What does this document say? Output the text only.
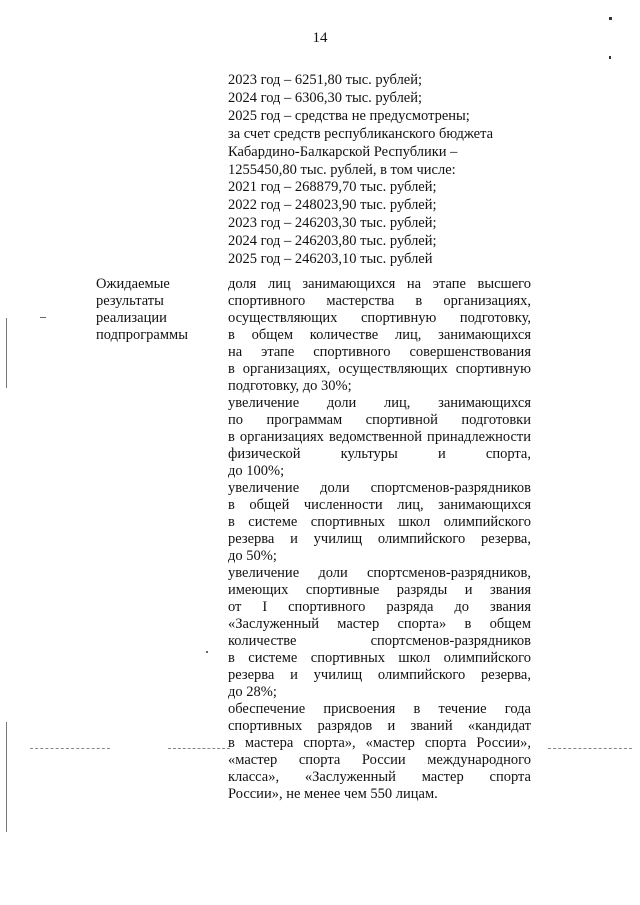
14
2023 год – 6251,80 тыс. рублей;
2024 год – 6306,30 тыс. рублей;
2025 год – средства не предусмотрены;
за счет средств республиканского бюджета
Кабардино-Балкарской Республики –
1255450,80 тыс. рублей, в том числе:
2021 год – 268879,70 тыс. рублей;
2022 год – 248023,90 тыс. рублей;
2023 год – 246203,30 тыс. рублей;
2024 год – 246203,80 тыс. рублей;
2025 год – 246203,10 тыс. рублей
Ожидаемые
результаты
реализации
подпрограммы
доля лиц занимающихся на этапе высшего
спортивного мастерства в организациях,
осуществляющих спортивную подготовку,
в общем количестве лиц, занимающихся
на этапе спортивного совершенствования
в организациях, осуществляющих спортивную
подготовку, до 30%;
увеличение доли лиц, занимающихся
по программам спортивной подготовки
в организациях ведомственной принадлежности
физической культуры и спорта,
до 100%;
увеличение доли спортсменов-разрядников
в общей численности лиц, занимающихся
в системе спортивных школ олимпийского
резерва и училищ олимпийского резерва,
до 50%;
увеличение доли спортсменов-разрядников,
имеющих спортивные разряды и звания
от I спортивного разряда до звания
«Заслуженный мастер спорта» в общем
количестве спортсменов-разрядников
в системе спортивных школ олимпийского
резерва и училищ олимпийского резерва,
до 28%;
обеспечение присвоения в течение года
спортивных разрядов и званий «кандидат
в мастера спорта», «мастер спорта России»,
«мастер спорта России международного
класса», «Заслуженный мастер спорта
России», не менее чем 550 лицам.
